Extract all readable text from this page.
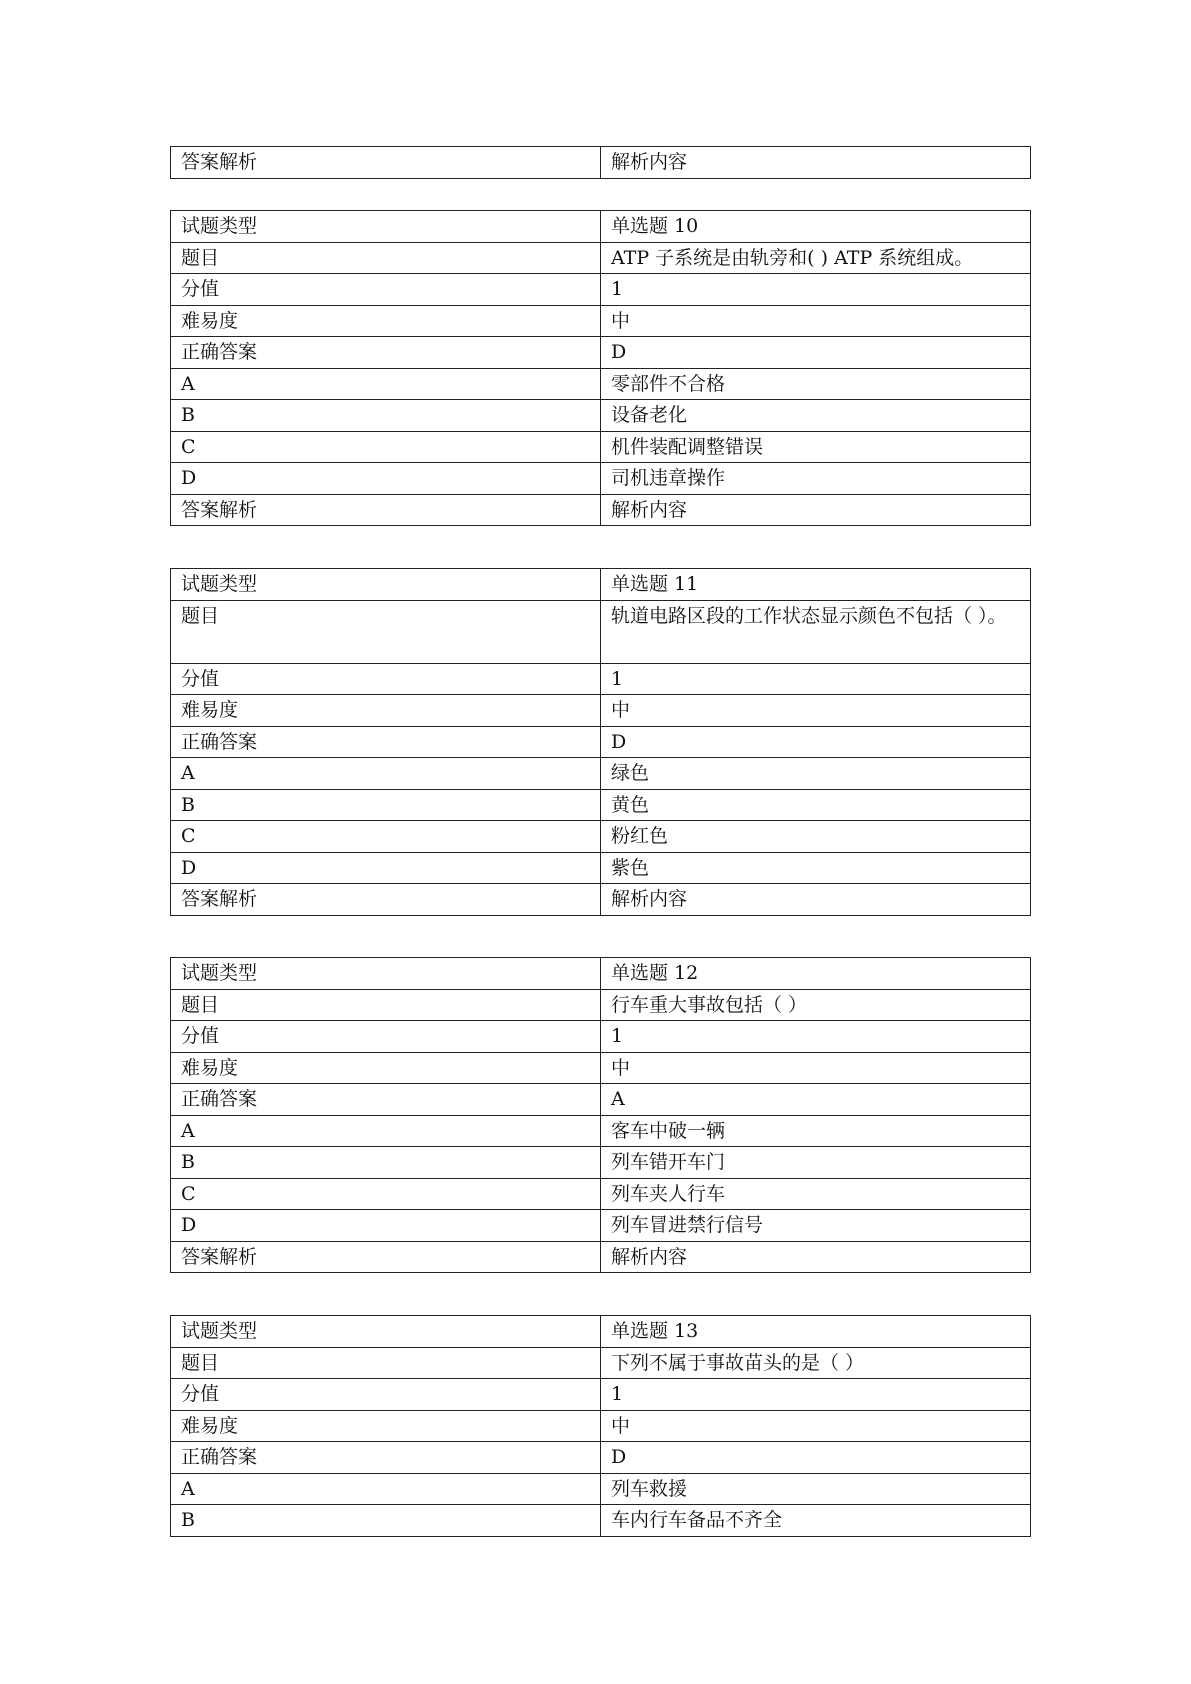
答案解析	解析内容
试题类型	单选题 10
题目	ATP 子系统是由轨旁和( ) ATP 系统组成。
分值	1
难易度	中
正确答案	D
A	零部件不合格
B	设备老化
C	机件装配调整错误
D	司机违章操作
答案解析	解析内容
试题类型	单选题 11
题目	轨道电路区段的工作状态显示颜色不包括（ ）。
分值	1
难易度	中
正确答案	D
A	绿色
B	黄色
C	粉红色
D	紫色
答案解析	解析内容
试题类型	单选题 12
题目	行车重大事故包括（ ）
分值	1
难易度	中
正确答案	A
A	客车中破一辆
B	列车错开车门
C	列车夹人行车
D	列车冒进禁行信号
答案解析	解析内容
试题类型	单选题 13
题目	下列不属于事故苗头的是（ ）
分值	1
难易度	中
正确答案	D
A	列车救援
B	车内行车备品不齐全
